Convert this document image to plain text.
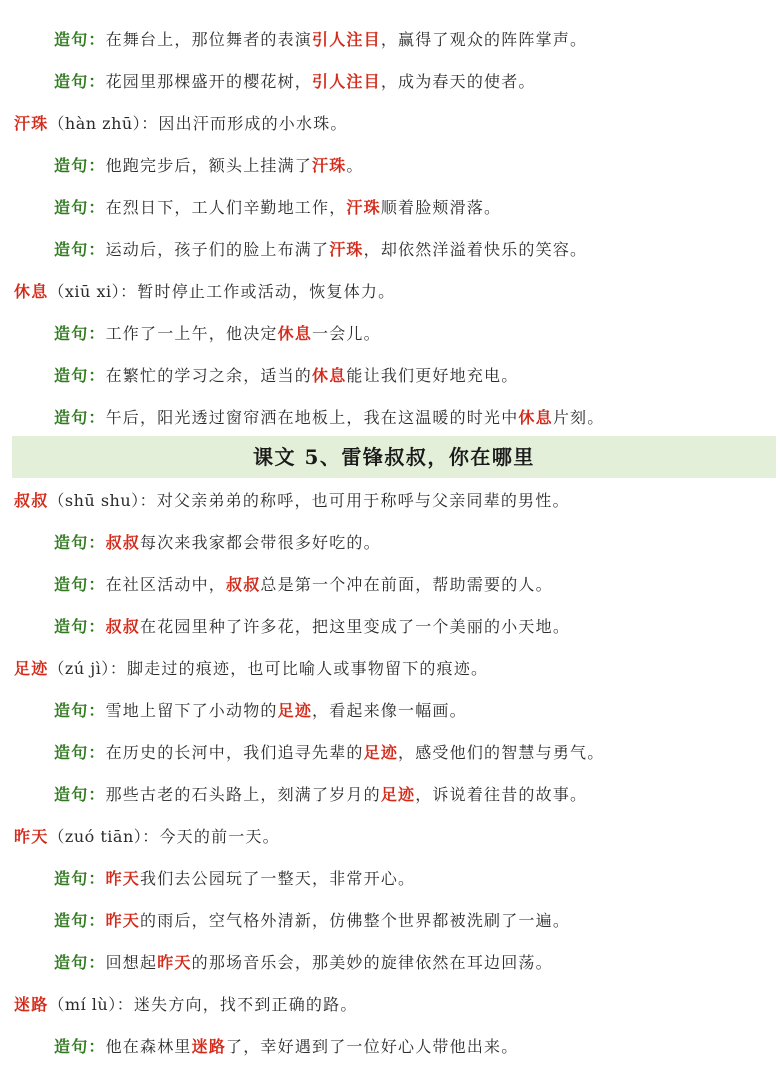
造句：在舞台上，那位舞者的表演引人注目，赢得了观众的阵阵掌声。
造句：花园里那棵盛开的樱花树，引人注目，成为春天的使者。
汗珠（hàn zhū）：因出汗而形成的小水珠。
造句：他跑完步后，额头上挂满了汗珠。
造句：在烈日下，工人们辛勤地工作，汗珠顺着脸颊滑落。
造句：运动后，孩子们的脸上布满了汗珠，却依然洋溢着快乐的笑容。
休息（xiū xi）：暂时停止工作或活动，恢复体力。
造句：工作了一上午，他决定休息一会儿。
造句：在繁忙的学习之余，适当的休息能让我们更好地充电。
造句：午后，阳光透过窗帘洒在地板上，我在这温暖的时光中休息片刻。
课文 5、雷锋叔叔，你在哪里
叔叔（shū shu）：对父亲弟弟的称呼，也可用于称呼与父亲同辈的男性。
造句：叔叔每次来我家都会带很多好吃的。
造句：在社区活动中，叔叔总是第一个冲在前面，帮助需要的人。
造句：叔叔在花园里种了许多花，把这里变成了一个美丽的小天地。
足迹（zú jì）：脚走过的痕迹，也可比喻人或事物留下的痕迹。
造句：雪地上留下了小动物的足迹，看起来像一幅画。
造句：在历史的长河中，我们追寻先辈的足迹，感受他们的智慧与勇气。
造句：那些古老的石头路上，刻满了岁月的足迹，诉说着往昔的故事。
昨天（zuó tiān）：今天的前一天。
造句：昨天我们去公园玩了一整天，非常开心。
造句：昨天的雨后，空气格外清新，仿佛整个世界都被洗刷了一遍。
造句：回想起昨天的那场音乐会，那美妙的旋律依然在耳边回荡。
迷路（mí lù）：迷失方向，找不到正确的路。
造句：他在森林里迷路了，幸好遇到了一位好心人带他出来。
